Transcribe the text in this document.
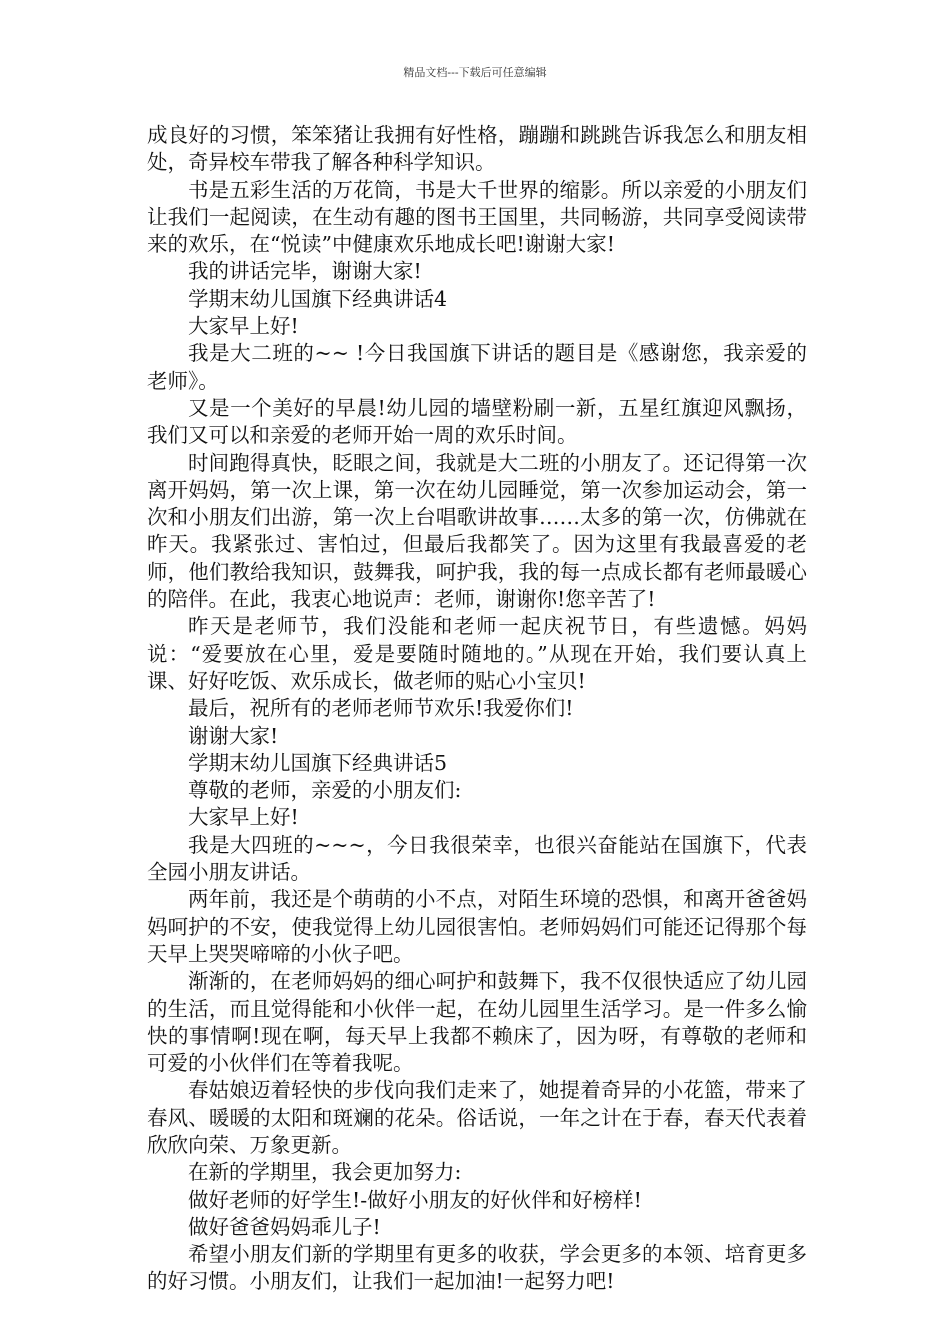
精品文档---下载后可任意编辑

成良好的习惯，笨笨猪让我拥有好性格，蹦蹦和跳跳告诉我怎么和朋友相处，奇异校车带我了解各种科学知识。

书是五彩生活的万花筒，书是大千世界的缩影。所以亲爱的小朋友们让我们一起阅读，在生动有趣的图书王国里，共同畅游，共同享受阅读带来的欢乐，在“悦读”中健康欢乐地成长吧!谢谢大家!

我的讲话完毕，谢谢大家!

学期末幼儿国旗下经典讲话4

大家早上好!

我是大二班的~~ !今日我国旗下讲话的题目是《感谢您，我亲爱的老师》。

又是一个美好的早晨!幼儿园的墙壁粉刷一新，五星红旗迎风飘扬，我们又可以和亲爱的老师开始一周的欢乐时间。

时间跑得真快，眨眼之间，我就是大二班的小朋友了。还记得第一次离开妈妈，第一次上课，第一次在幼儿园睡觉，第一次参加运动会，第一次和小朋友们出游，第一次上台唱歌讲故事……太多的第一次，仿佛就在昨天。我紧张过、害怕过，但最后我都笑了。因为这里有我最喜爱的老师，他们教给我知识，鼓舞我，呵护我，我的每一点成长都有老师最暖心的陪伴。在此，我衷心地说声：老师，谢谢你!您辛苦了!

昨天是老师节，我们没能和老师一起庆祝节日，有些遗憾。妈妈说：“爱要放在心里，爱是要随时随地的。”从现在开始，我们要认真上课、好好吃饭、欢乐成长，做老师的贴心小宝贝!

最后，祝所有的老师老师节欢乐!我爱你们!

谢谢大家!

学期末幼儿国旗下经典讲话5

尊敬的老师，亲爱的小朋友们:

大家早上好!

我是大四班的~~~，今日我很荣幸，也很兴奋能站在国旗下，代表全园小朋友讲话。

两年前，我还是个萌萌的小不点，对陌生环境的恐惧，和离开爸爸妈妈呵护的不安，使我觉得上幼儿园很害怕。老师妈妈们可能还记得那个每天早上哭哭啼啼的小伙子吧。

渐渐的，在老师妈妈的细心呵护和鼓舞下，我不仅很快适应了幼儿园的生活，而且觉得能和小伙伴一起，在幼儿园里生活学习。是一件多么愉快的事情啊!现在啊，每天早上我都不赖床了，因为呀，有尊敬的老师和可爱的小伙伴们在等着我呢。

春姑娘迈着轻快的步伐向我们走来了，她提着奇异的小花篮，带来了春风、暖暖的太阳和斑斓的花朵。俗话说，一年之计在于春，春天代表着欣欣向荣、万象更新。

在新的学期里，我会更加努力:

做好老师的好学生!-做好小朋友的好伙伴和好榜样!

做好爸爸妈妈乖儿子!

希望小朋友们新的学期里有更多的收获，学会更多的本领、培育更多的好习惯。小朋友们，让我们一起加油!一起努力吧!
